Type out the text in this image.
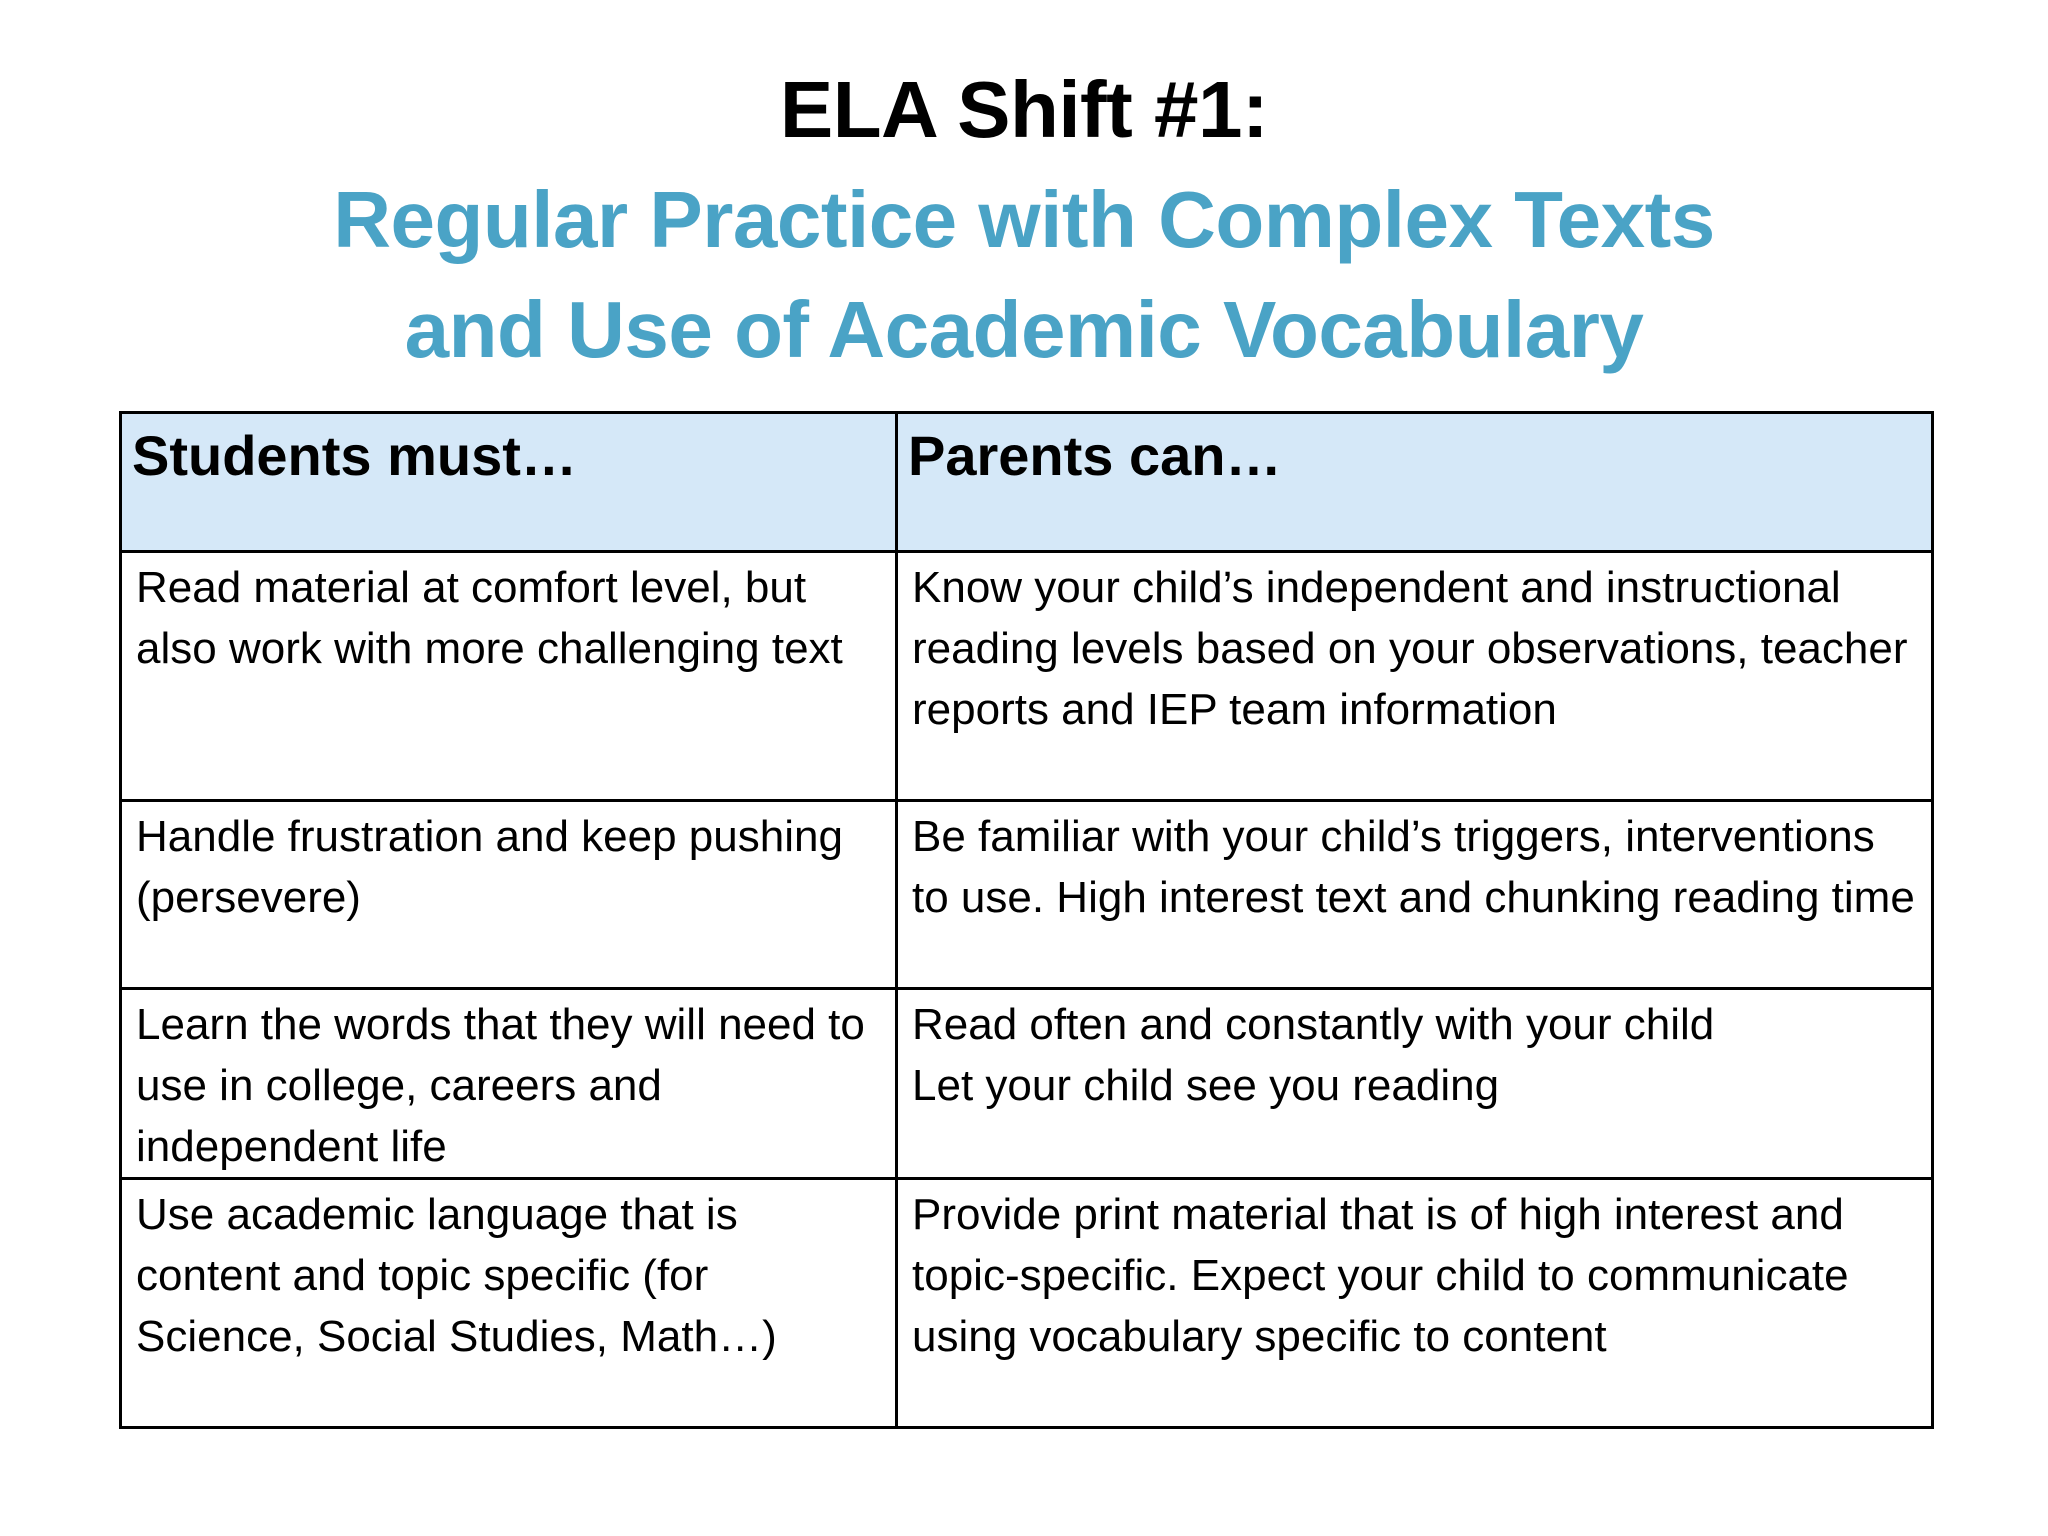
ELA Shift #1:
Regular Practice with Complex Texts
and Use of Academic Vocabulary
Students must…	Parents can…
Read material at comfort level, but also work with more challenging text	Know your child’s independent and instructional reading levels based on your observations, teacher reports and IEP team information

Handle frustration and keep pushing (persevere)	Be familiar with your child’s triggers, interventions to use. High interest text and chunking reading time

Learn the words that they will need to use in college, careers and independent life	Read often and constantly with your child
Let your child see you reading

Use academic language that is content and topic specific (for Science, Social Studies, Math…)	Provide print material that is of high interest and topic-specific. Expect your child to communicate using vocabulary specific to content
